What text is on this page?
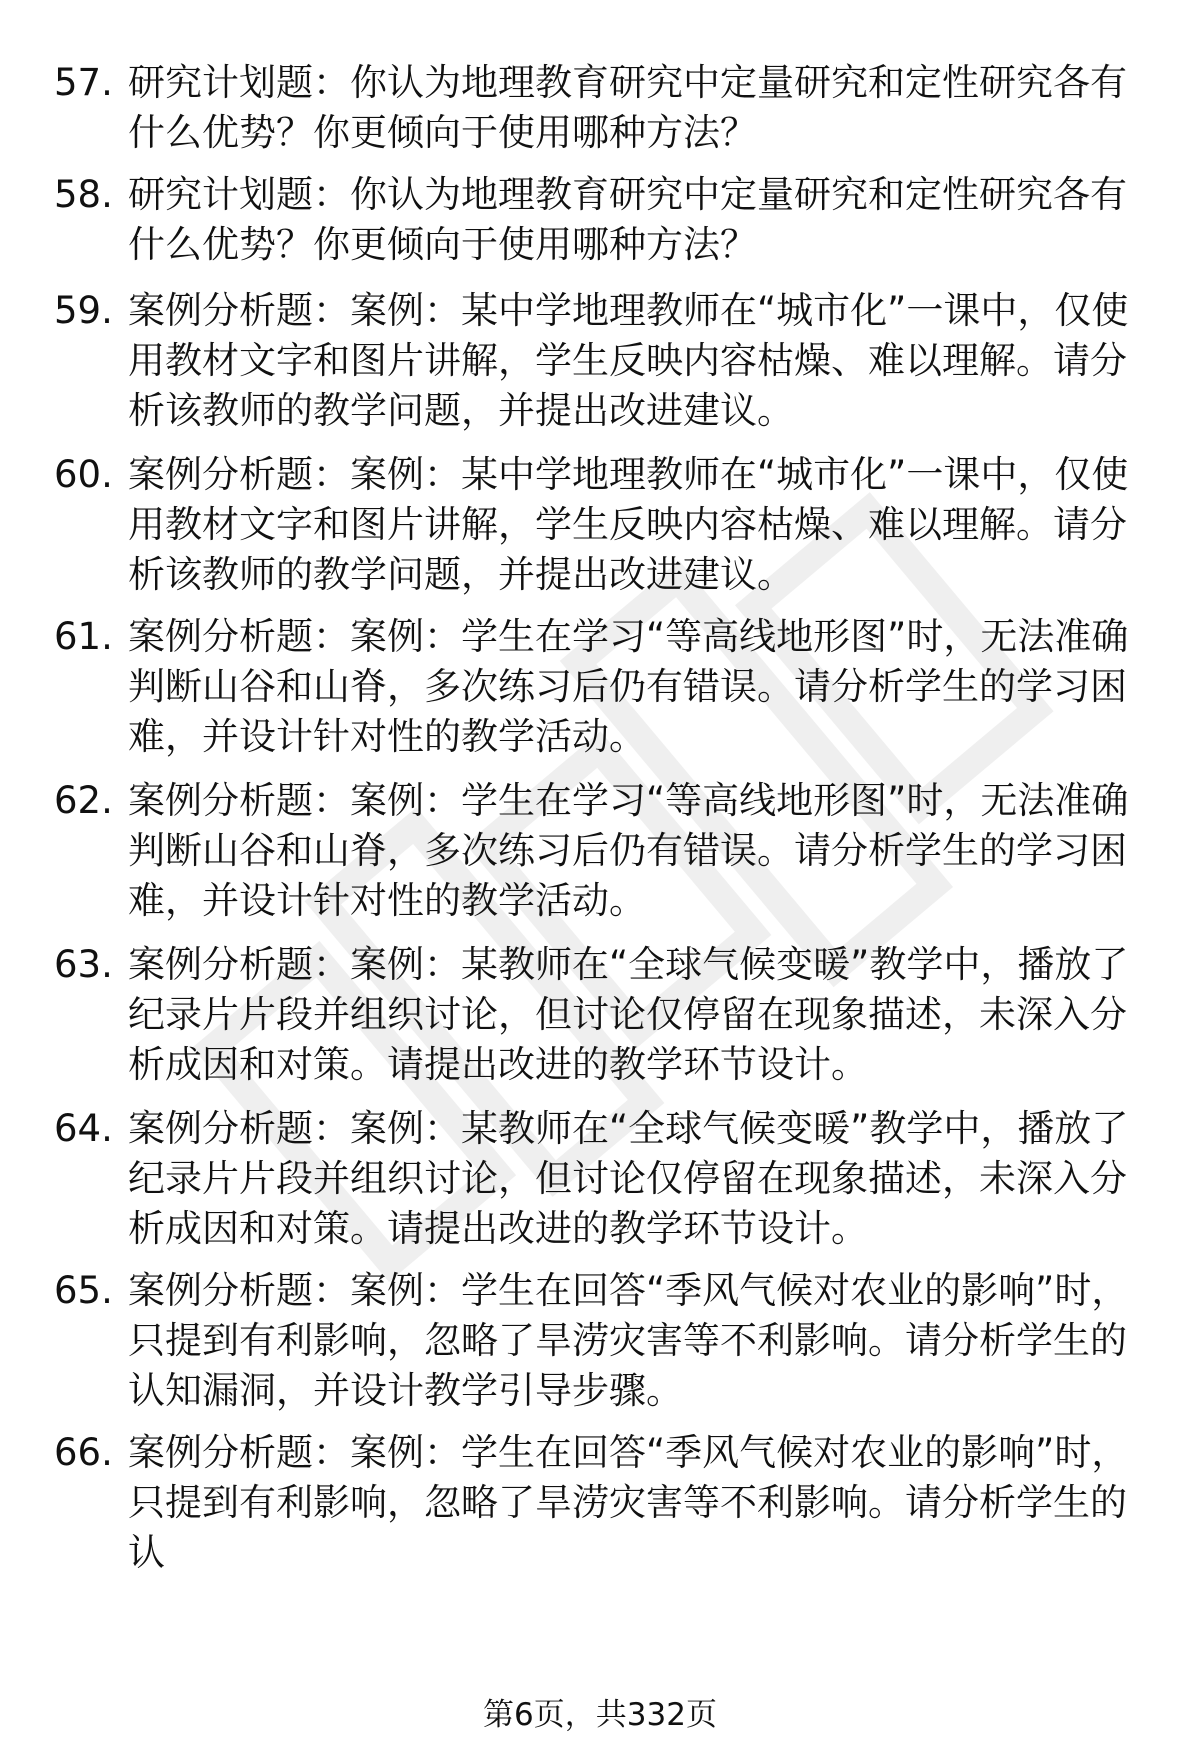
57. 研究计划题：你认为地理教育研究中定量研究和定性研究各有什么优势？你更倾向于使用哪种方法？
58. 研究计划题：你认为地理教育研究中定量研究和定性研究各有什么优势？你更倾向于使用哪种方法？
59. 案例分析题：案例：某中学地理教师在“城市化”一课中，仅使用教材文字和图片讲解，学生反映内容枯燥、难以理解。请分析该教师的教学问题，并提出改进建议。
60. 案例分析题：案例：某中学地理教师在“城市化”一课中，仅使用教材文字和图片讲解，学生反映内容枯燥、难以理解。请分析该教师的教学问题，并提出改进建议。
61. 案例分析题：案例：学生在学习“等高线地形图”时，无法准确判断山谷和山脊，多次练习后仍有错误。请分析学生的学习困难，并设计针对性的教学活动。
62. 案例分析题：案例：学生在学习“等高线地形图”时，无法准确判断山谷和山脊，多次练习后仍有错误。请分析学生的学习困难，并设计针对性的教学活动。
63. 案例分析题：案例：某教师在“全球气候变暖”教学中，播放了纪录片片段并组织讨论，但讨论仅停留在现象描述，未深入分析成因和对策。请提出改进的教学环节设计。
64. 案例分析题：案例：某教师在“全球气候变暖”教学中，播放了纪录片片段并组织讨论，但讨论仅停留在现象描述，未深入分析成因和对策。请提出改进的教学环节设计。
65. 案例分析题：案例：学生在回答“季风气候对农业的影响”时，只提到有利影响，忽略了旱涝灾害等不利影响。请分析学生的认知漏洞，并设计教学引导步骤。
66. 案例分析题：案例：学生在回答“季风气候对农业的影响”时，只提到有利影响，忽略了旱涝灾害等不利影响。请分析学生的认
第6页，共332页
